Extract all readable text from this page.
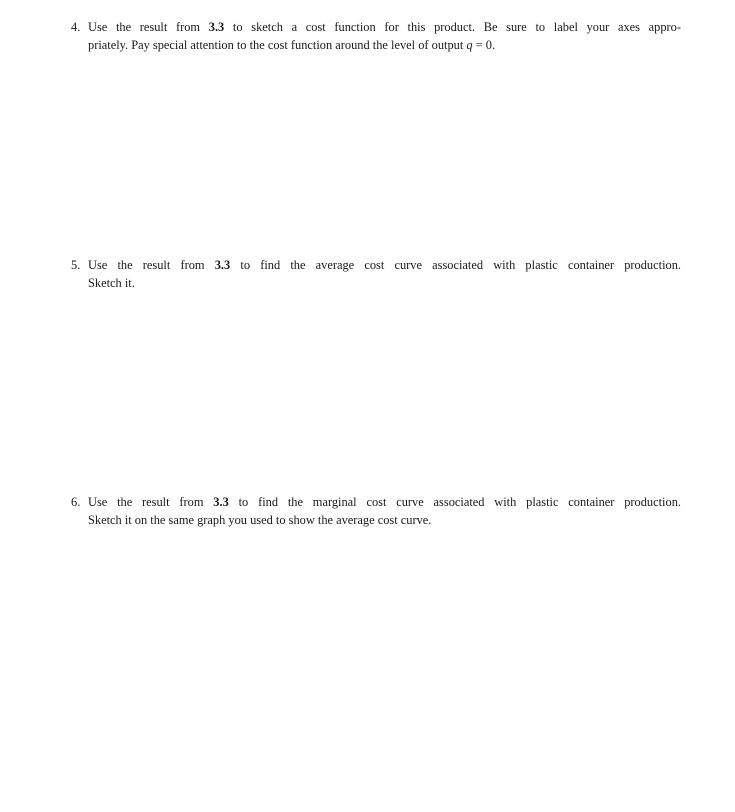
4. Use the result from 3.3 to sketch a cost function for this product. Be sure to label your axes appro-
priately. Pay special attention to the cost function around the level of output q = 0.
5. Use the result from 3.3 to find the average cost curve associated with plastic container production.
Sketch it.
6. Use the result from 3.3 to find the marginal cost curve associated with plastic container production.
Sketch it on the same graph you used to show the average cost curve.
